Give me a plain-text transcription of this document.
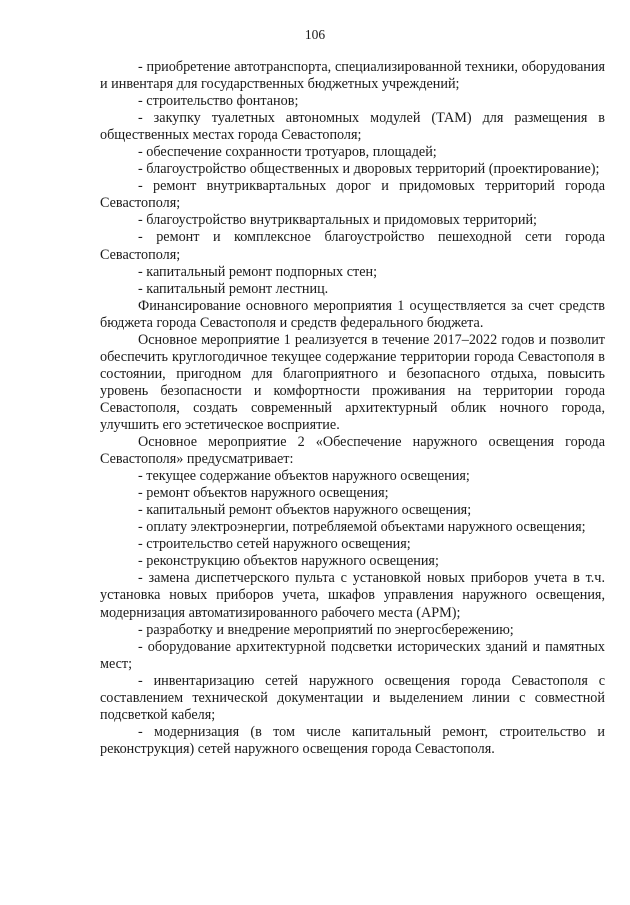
106

- приобретение автотранспорта, специализированной техники, оборудования и инвентаря для государственных бюджетных учреждений;

- строительство фонтанов;

- закупку туалетных автономных модулей (ТАМ) для размещения в общественных местах города Севастополя;

- обеспечение сохранности тротуаров, площадей;

- благоустройство общественных и дворовых территорий (проектирование);

- ремонт внутриквартальных дорог и придомовых территорий города Севастополя;

- благоустройство внутриквартальных и придомовых территорий;

- ремонт и комплексное благоустройство пешеходной сети города Севастополя;

- капитальный ремонт подпорных стен;

- капитальный ремонт лестниц.

Финансирование основного мероприятия 1 осуществляется за счет средств бюджета города Севастополя и средств федерального бюджета.

Основное мероприятие 1 реализуется в течение 2017–2022 годов и позволит обеспечить круглогодичное текущее содержание территории города Севастополя в состоянии, пригодном для благоприятного и безопасного отдыха, повысить уровень безопасности и комфортности проживания на территории города Севастополя, создать современный архитектурный облик ночного города, улучшить его эстетическое восприятие.

Основное мероприятие 2 «Обеспечение наружного освещения города Севастополя» предусматривает:

- текущее содержание объектов наружного освещения;

- ремонт объектов наружного освещения;

- капитальный ремонт объектов наружного освещения;

- оплату электроэнергии, потребляемой объектами наружного освещения;

- строительство сетей наружного освещения;

- реконструкцию объектов наружного освещения;

- замена диспетчерского пульта с установкой новых приборов учета в т.ч. установка новых приборов учета, шкафов управления наружного освещения, модернизация автоматизированного рабочего места (АРМ);

- разработку и внедрение мероприятий по энергосбережению;

- оборудование архитектурной подсветки исторических зданий и памятных мест;

- инвентаризацию сетей наружного освещения города Севастополя с составлением технической документации и выделением линии с совместной подсветкой кабеля;

- модернизация (в том числе капитальный ремонт, строительство и реконструкция) сетей наружного освещения города Севастополя.
